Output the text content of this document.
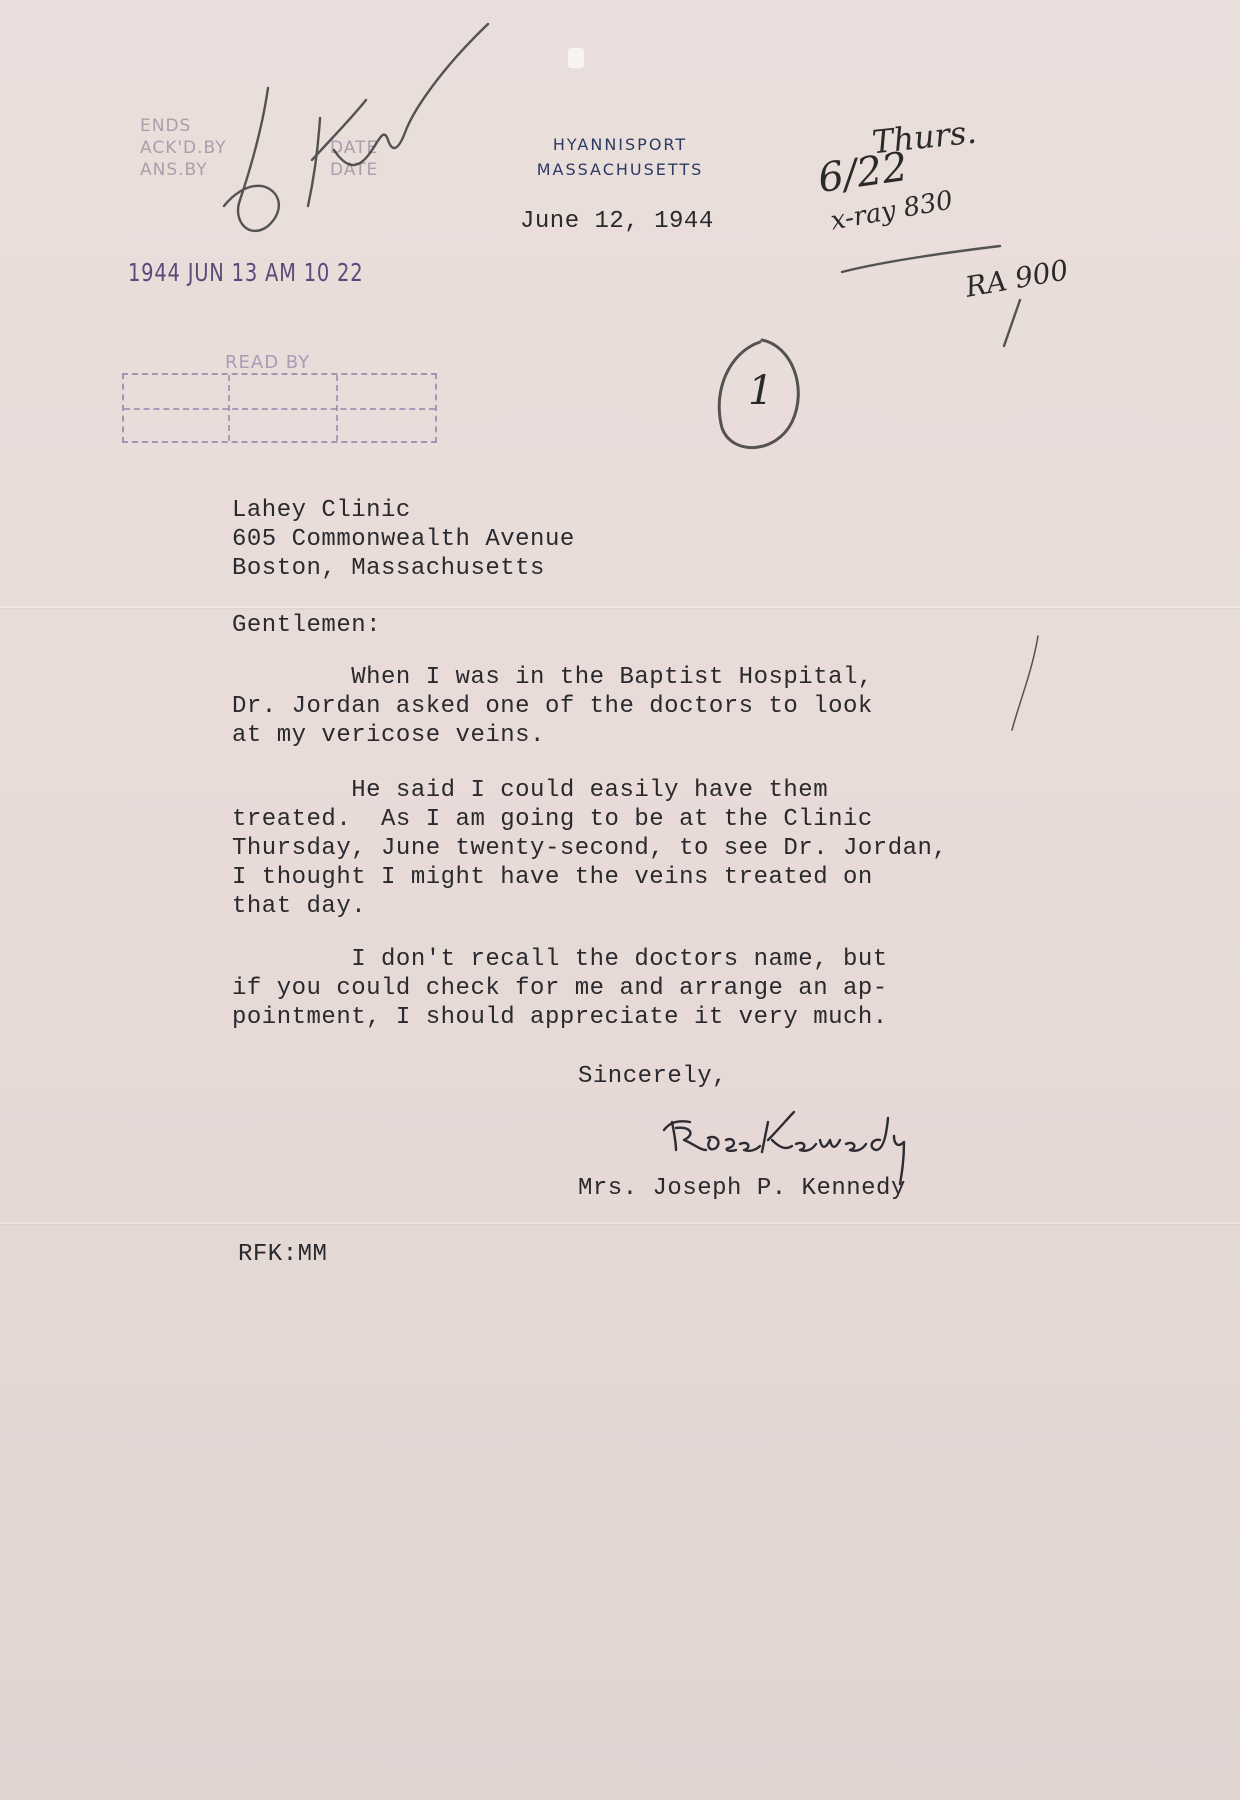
ENDS
ACK'D.BY
ANS.BY
DATE
DATE
1944 JUN 13 AM 10 22
READ BY
HYANNISPORT
MASSACHUSETTS
June 12, 1944
Lahey Clinic
605 Commonwealth Avenue
Boston, Massachusetts
Gentlemen:
When I was in the Baptist Hospital,
Dr. Jordan asked one of the doctors to look
at my vericose veins.
He said I could easily have them
treated.  As I am going to be at the Clinic
Thursday, June twenty-second, to see Dr. Jordan,
I thought I might have the veins treated on
that day.
I don't recall the doctors name, but
if you could check for me and arrange an ap-
pointment, I should appreciate it very much.
Sincerely,
Mrs. Joseph P. Kennedy
RFK:MM
Thurs.
6/22
x-ray 830
RA 900
1
